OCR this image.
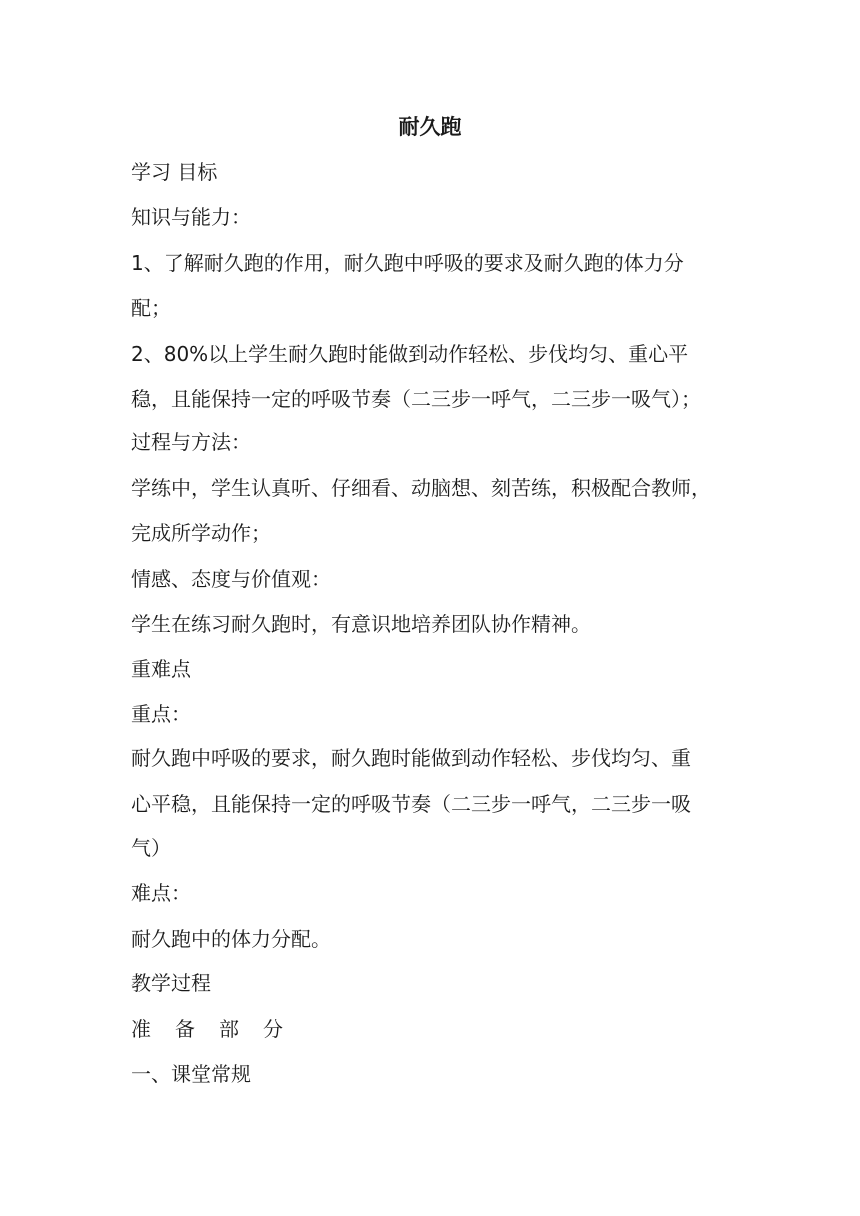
耐久跑

学习 目标

知识与能力：

1、了解耐久跑的作用，耐久跑中呼吸的要求及耐久跑的体力分

配；

2、80%以上学生耐久跑时能做到动作轻松、步伐均匀、重心平

稳，且能保持一定的呼吸节奏（二三步一呼气，二三步一吸气）；

过程与方法：

学练中，学生认真听、仔细看、动脑想、刻苦练，积极配合教师，

完成所学动作；

情感、态度与价值观：

学生在练习耐久跑时，有意识地培养团队协作精神。

重难点

重点：

耐久跑中呼吸的要求，耐久跑时能做到动作轻松、步伐均匀、重

心平稳，且能保持一定的呼吸节奏（二三步一呼气，二三步一吸

气）

难点：

耐久跑中的体力分配。

教学过程

准 备 部 分

一、课堂常规
